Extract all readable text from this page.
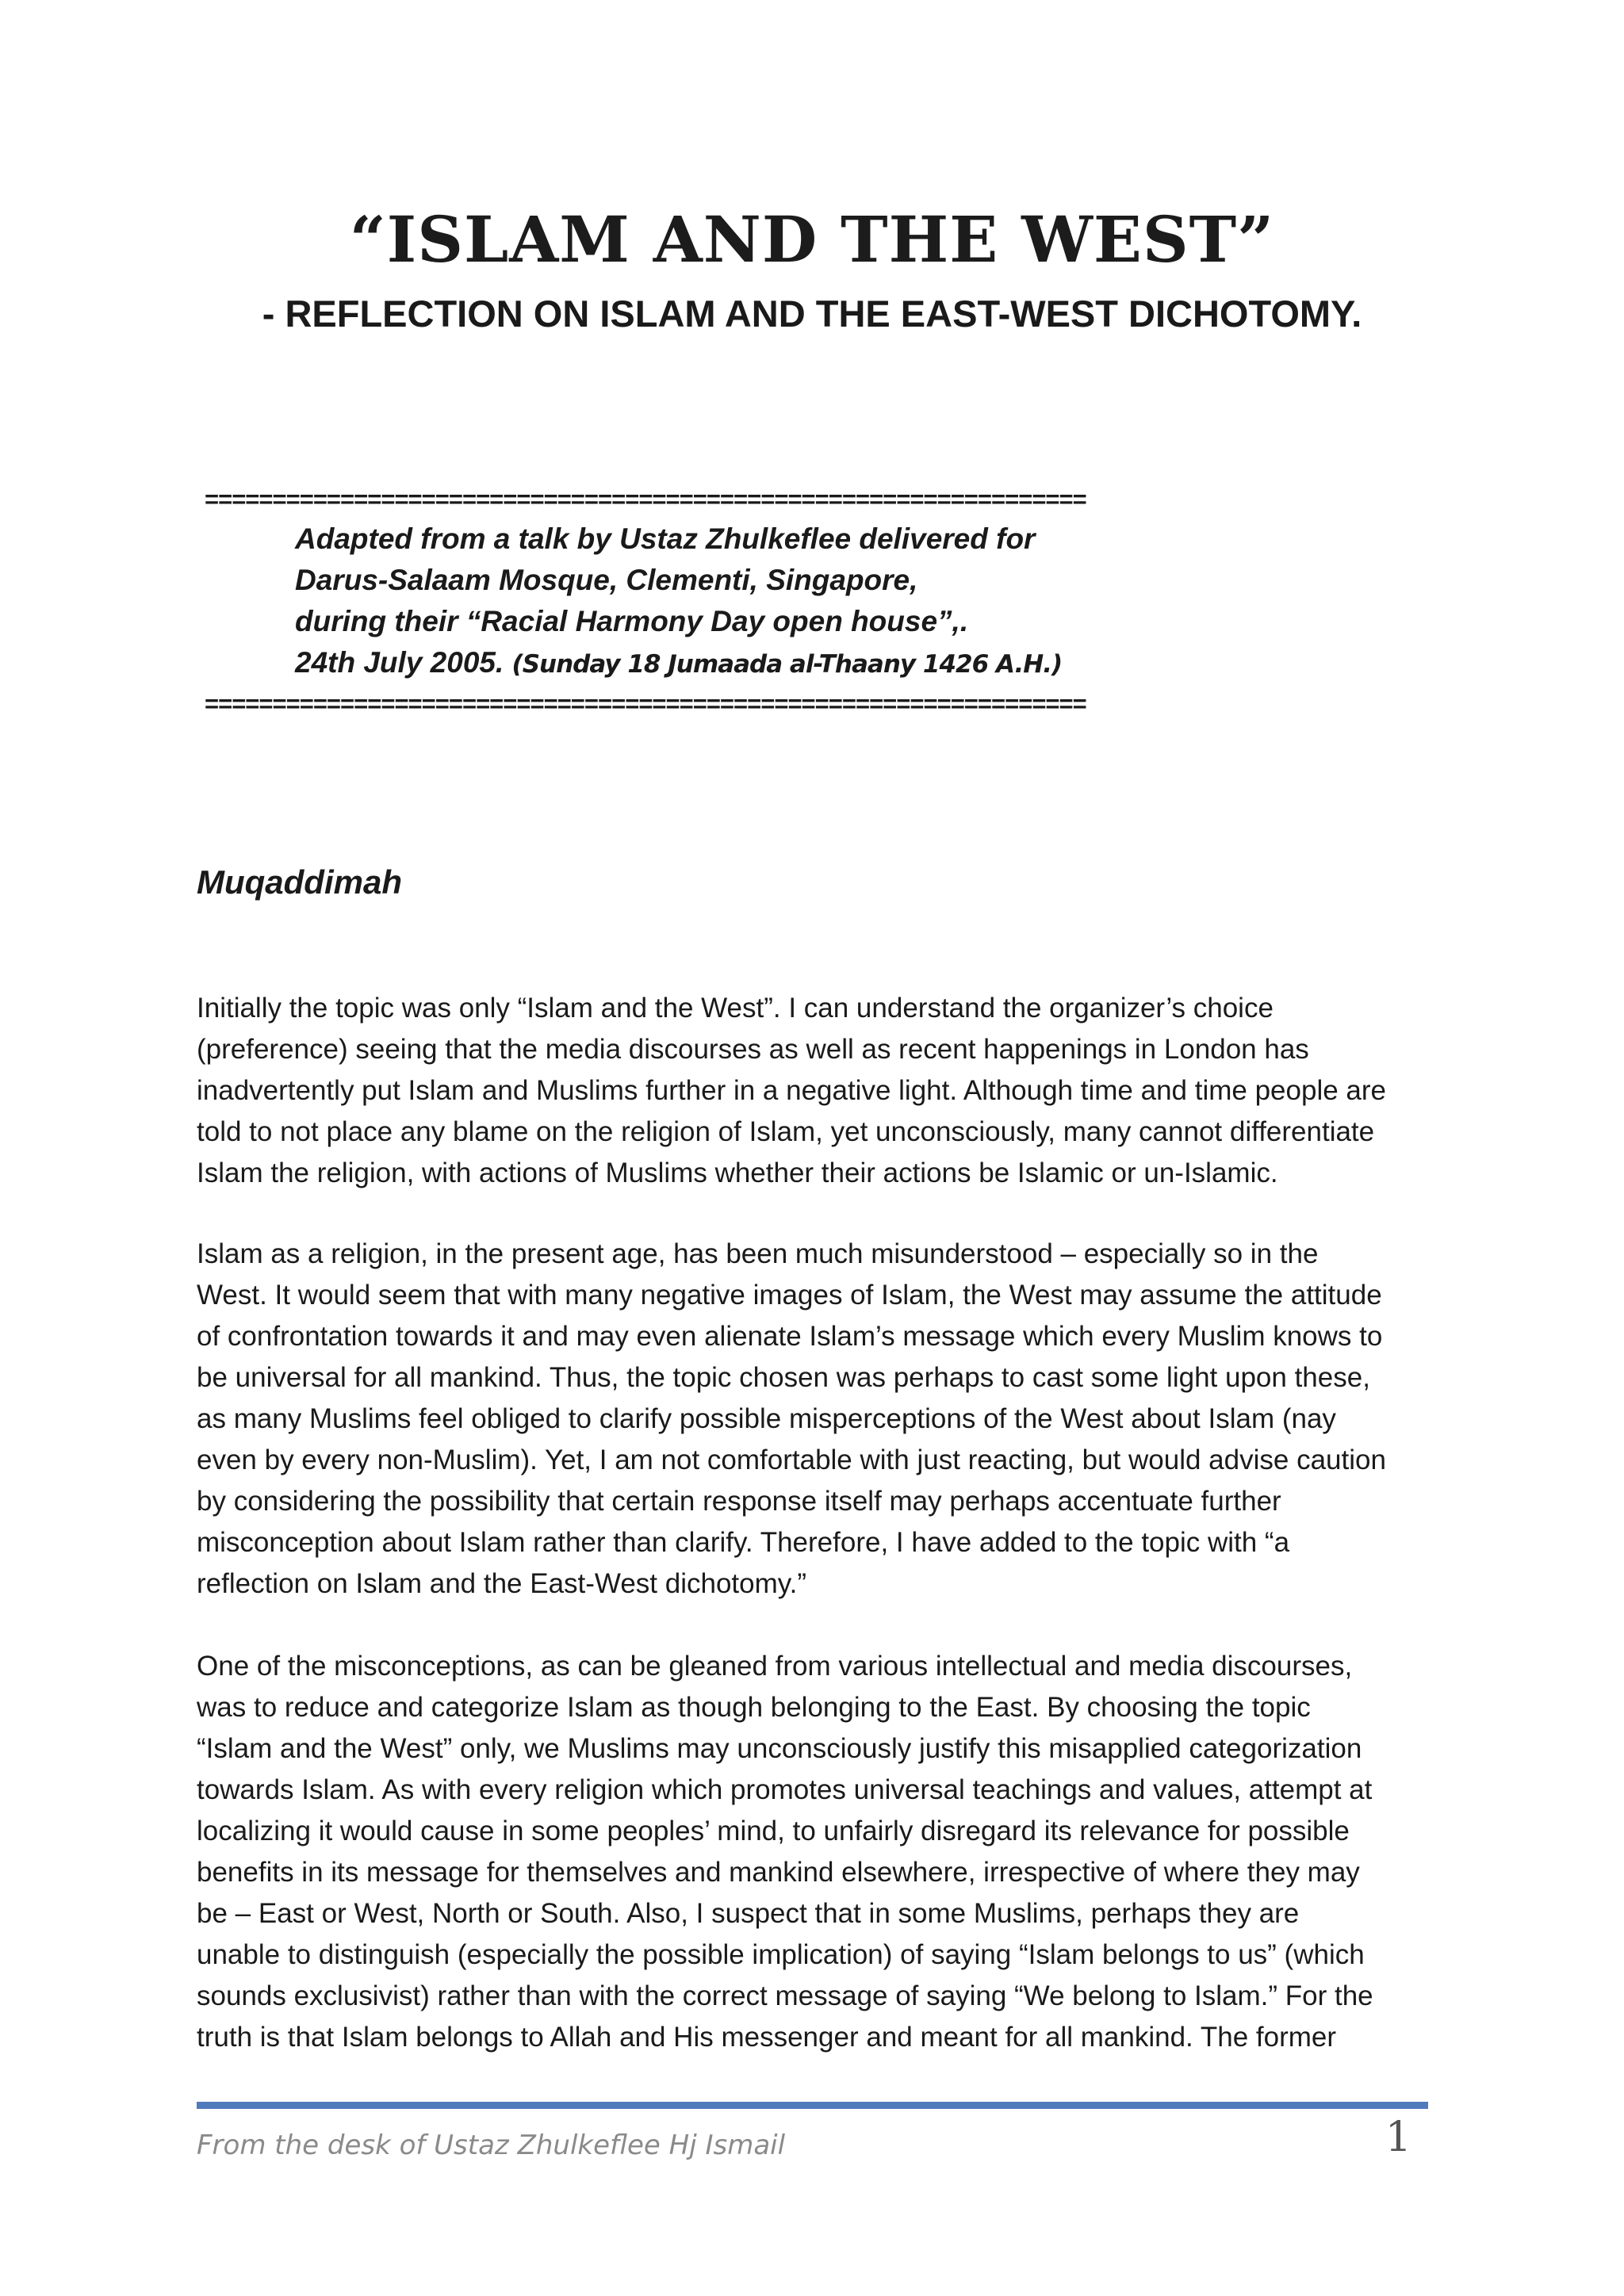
“ISLAM AND THE WEST”
- REFLECTION ON ISLAM AND THE EAST-WEST DICHOTOMY.
=================================================================
Adapted from a talk by Ustaz Zhulkeflee delivered for
Darus-Salaam Mosque, Clementi, Singapore,
during their “Racial Harmony Day open house”,.
24th July 2005. (Sunday 18 Jumaada al-Thaany 1426 A.H.)
=================================================================
Muqaddimah
Initially the topic was only “Islam and the West”. I can understand the organizer’s choice
(preference) seeing that the media discourses as well as recent happenings in London has
inadvertently put Islam and Muslims further in a negative light. Although time and time people are
told to not place any blame on the religion of Islam, yet unconsciously, many cannot differentiate
Islam the religion, with actions of Muslims whether their actions be Islamic or un-Islamic.
Islam as a religion, in the present age, has been much misunderstood – especially so in the
West. It would seem that with many negative images of Islam, the West may assume the attitude
of confrontation towards it and may even alienate Islam’s message which every Muslim knows to
be universal for all mankind. Thus, the topic chosen was perhaps to cast some light upon these,
as many Muslims feel obliged to clarify possible misperceptions of the West about Islam (nay
even by every non-Muslim). Yet, I am not comfortable with just reacting, but would advise caution
by considering the possibility that certain response itself may perhaps accentuate further
misconception about Islam rather than clarify. Therefore, I have added to the topic with “a
reflection on Islam and the East-West dichotomy.”
One of the misconceptions, as can be gleaned from various intellectual and media discourses,
was to reduce and categorize Islam as though belonging to the East. By choosing the topic
“Islam and the West” only, we Muslims may unconsciously justify this misapplied categorization
towards Islam. As with every religion which promotes universal teachings and values, attempt at
localizing it would cause in some peoples’ mind, to unfairly disregard its relevance for possible
benefits in its message for themselves and mankind elsewhere, irrespective of where they may
be – East or West, North or South. Also, I suspect that in some Muslims, perhaps they are
unable to distinguish (especially the possible implication) of saying “Islam belongs to us” (which
sounds exclusivist) rather than with the correct message of saying “We belong to Islam.” For the
truth is that Islam belongs to Allah and His messenger and meant for all mankind. The former
From the desk of Ustaz Zhulkeflee Hj Ismail	1
